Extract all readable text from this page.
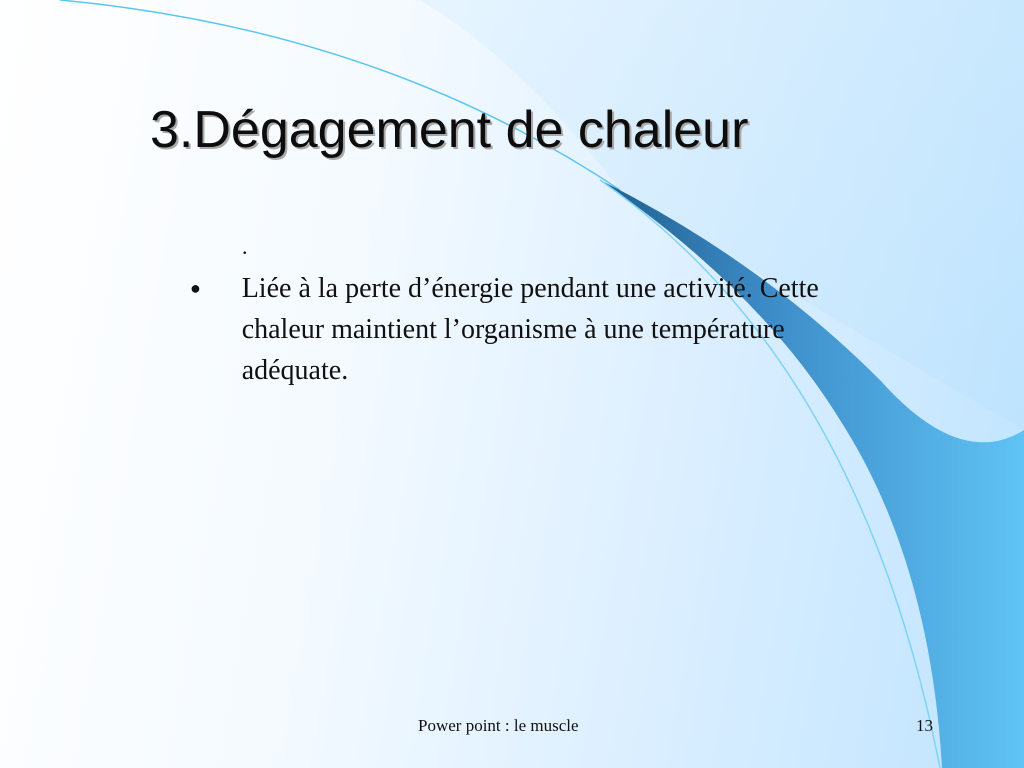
3.Dégagement de chaleur
.
●	Liée à la perte d’énergie pendant une activité. Cette chaleur maintient l’organisme à une température adéquate.
Power point : le muscle	13
